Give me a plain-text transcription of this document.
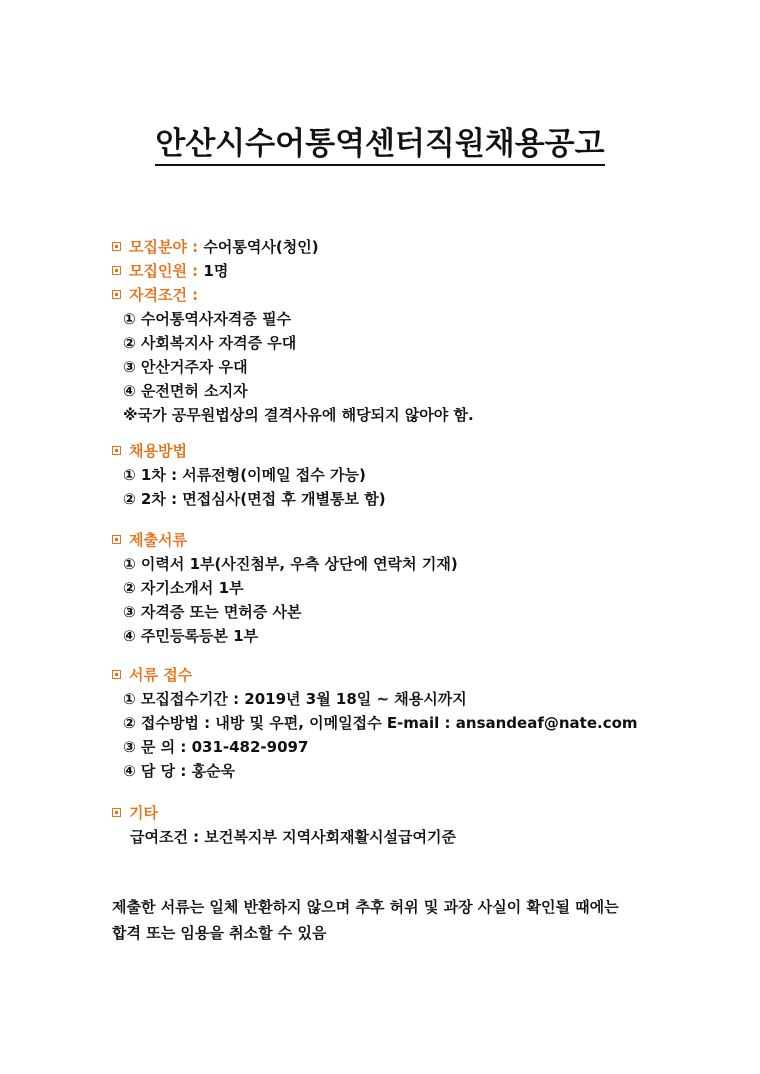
안산시수어통역센터직원채용공고
모집분야 : 수어통역사(청인)
모집인원 : 1명
자격조건 :
① 수어통역사자격증 필수
② 사회복지사 자격증 우대
③ 안산거주자 우대
④ 운전면허 소지자
※국가 공무원법상의 결격사유에 해당되지 않아야 함.
채용방법
① 1차 : 서류전형(이메일 접수 가능)
② 2차 : 면접심사(면접 후 개별통보 함)
제출서류
① 이력서 1부(사진첨부, 우측 상단에 연락처 기재)
② 자기소개서 1부
③ 자격증 또는 면허증 사본
④ 주민등록등본 1부
서류 접수
① 모집접수기간 : 2019년 3월 18일 ~ 채용시까지
② 접수방법 : 내방 및 우편, 이메일접수 E-mail : ansandeaf@nate.com
③ 문 의 : 031-482-9097
④ 담 당 : 홍순욱
기타
급여조건 : 보건복지부 지역사회재활시설급여기준
제출한 서류는 일체 반환하지 않으며 추후 허위 및 과장 사실이 확인될 때에는
합격 또는 임용을 취소할 수 있음
